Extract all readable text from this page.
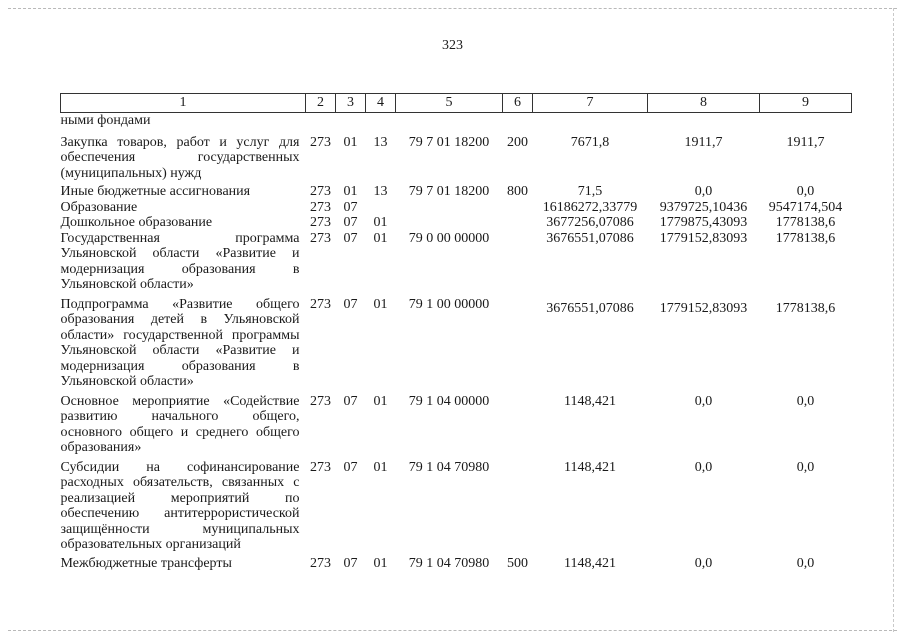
323
1	2	3	4	5	6	7	8	9
ными фондами								
Закупка товаров, работ и услуг для обеспечения государственных (муниципальных) нужд	273	01	13	79 7 01 18200	200	7671,8	1911,7	1911,7
Иные бюджетные ассигнования	273	01	13	79 7 01 18200	800	71,5	0,0	0,0
Образование	273	07				16186272,33779	9379725,10436	9547174,504
Дошкольное образование	273	07	01			3677256,07086	1779875,43093	1778138,6
Государственная программа Ульяновской области «Развитие и модернизация образования в Ульяновской области»	273	07	01	79 0 00 00000		3676551,07086	1779152,83093	1778138,6
Подпрограмма «Развитие общего образования детей в Ульяновской области» государственной программы Ульяновской области «Развитие и модернизация образования в Ульяновской области»	273	07	01	79 1 00 00000		3676551,07086	1779152,83093	1778138,6
Основное мероприятие «Содействие развитию начального общего, основного общего и среднего общего образования»	273	07	01	79 1 04 00000		1148,421	0,0	0,0
Субсидии на софинансирование расходных обязательств, связанных с реализацией мероприятий по обеспечению антитеррористической защищённости муниципальных образовательных организаций	273	07	01	79 1 04 70980		1148,421	0,0	0,0
Межбюджетные трансферты	273	07	01	79 1 04 70980	500	1148,421	0,0	0,0
